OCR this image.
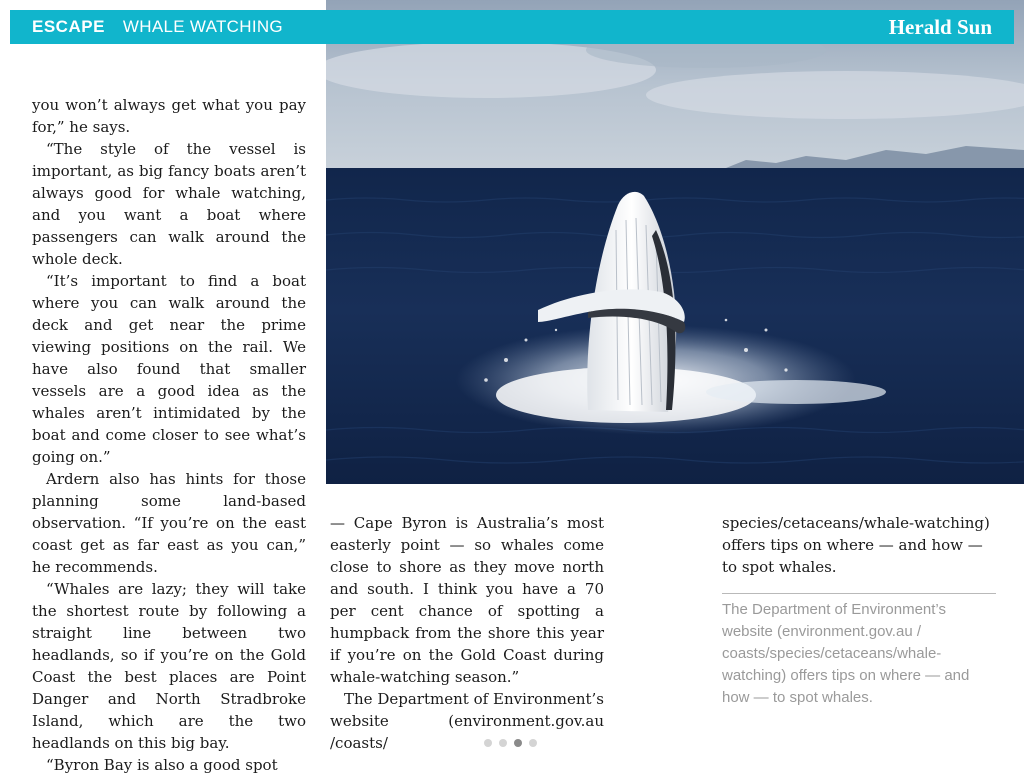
ESCAPE WHALE WATCHING	Herald Sun

you won’t always get what you pay for,” he says.

“The style of the vessel is important, as big fancy boats aren’t always good for whale watching, and you want a boat where passengers can walk around the whole deck.

“It’s important to find a boat where you can walk around the deck and get near the prime viewing positions on the rail. We have also found that smaller vessels are a good idea as the whales aren’t intimidated by the boat and come closer to see what’s going on.”

Ardern also has hints for those planning some land-based observation. “If you’re on the east coast get as far east as you can,” he recommends.

“Whales are lazy; they will take the shortest route by following a straight line between two headlands, so if you’re on the Gold Coast the best places are Point Danger and North Stradbroke Island, which are the two headlands on this big bay.

“Byron Bay is also a good spot

— Cape Byron is Australia’s most easterly point — so whales come close to shore as they move north and south. I think you have a 70 per cent chance of spotting a humpback from the shore this year if you’re on the Gold Coast during whale-watching season.”

The Department of Environment’s website (environment.gov.au /coasts/

species/cetaceans/whale-watching) offers tips on where — and how — to spot whales.

The Department of Environment’s website (environment.gov.au / coasts/species/cetaceans/whale-watching) offers tips on where — and how — to spot whales.
